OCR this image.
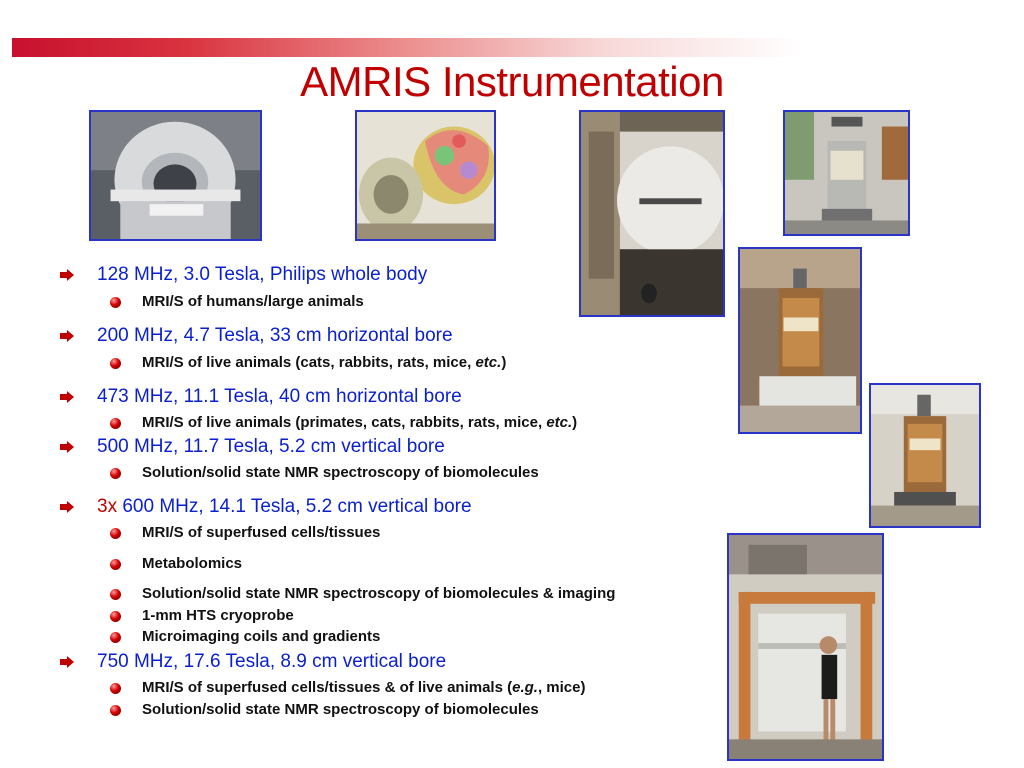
AMRIS Instrumentation
128 MHz, 3.0 Tesla, Philips whole body
MRI/S of humans/large animals
200 MHz, 4.7 Tesla, 33 cm horizontal bore
MRI/S of live animals (cats, rabbits, rats, mice, etc.)
473 MHz, 11.1 Tesla, 40 cm horizontal bore
MRI/S of live animals (primates, cats, rabbits, rats, mice, etc.)
500 MHz, 11.7 Tesla, 5.2 cm vertical bore
Solution/solid state NMR spectroscopy of biomolecules
3x 600 MHz, 14.1 Tesla, 5.2 cm vertical bore
MRI/S of superfused cells/tissues
Metabolomics
Solution/solid state NMR spectroscopy of biomolecules & imaging
1-mm HTS cryoprobe
Microimaging coils and gradients
750 MHz, 17.6 Tesla, 8.9 cm vertical bore
MRI/S of superfused cells/tissues & of live animals (e.g., mice)
Solution/solid state NMR spectroscopy of biomolecules
